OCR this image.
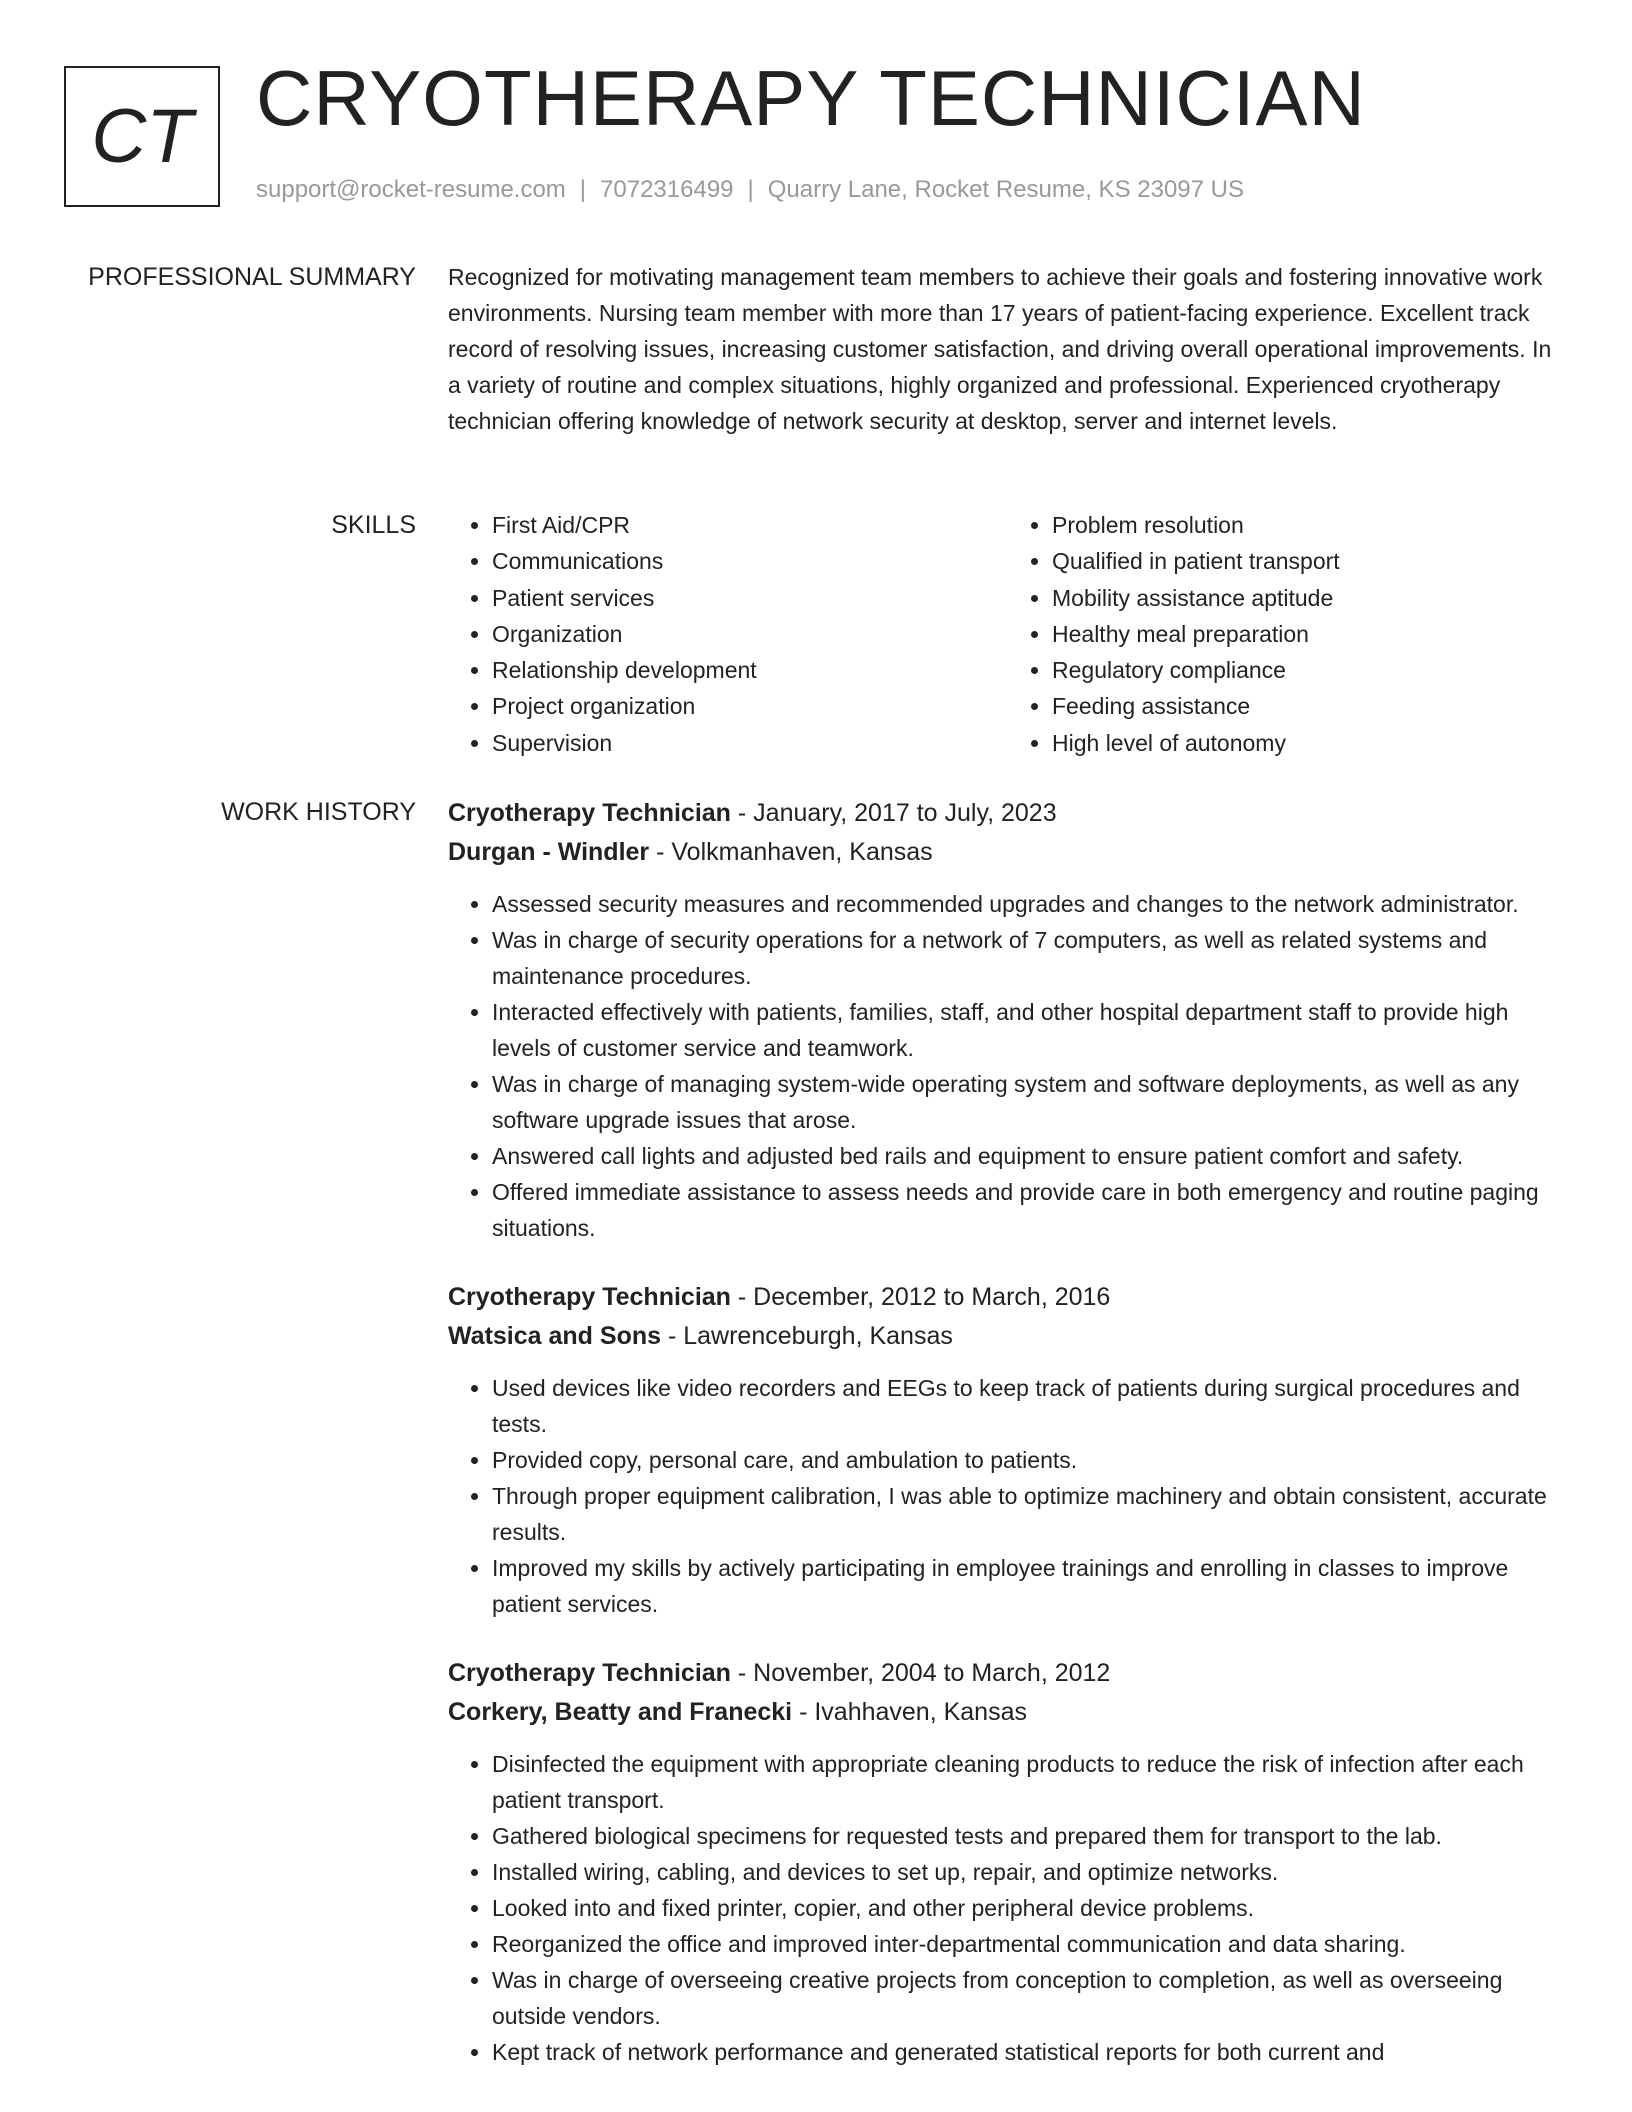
CT CRYOTHERAPY TECHNICIAN
support@rocket-resume.com | 7072316499 | Quarry Lane, Rocket Resume, KS 23097 US
PROFESSIONAL SUMMARY Recognized for motivating management team members to achieve their goals and fostering innovative work environments. Nursing team member with more than 17 years of patient-facing experience. Excellent track record of resolving issues, increasing customer satisfaction, and driving overall operational improvements. In a variety of routine and complex situations, highly organized and professional. Experienced cryotherapy technician offering knowledge of network security at desktop, server and internet levels.

SKILLS
•	First Aid/CPR
• Communications
• Patient services
• Organization
• Relationship development
• Project organization
• Supervision
• Problem resolution
• Qualified in patient transport
• Mobility assistance aptitude
• Healthy meal preparation
• Regulatory compliance
• Feeding assistance
• High level of autonomy
WORK HISTORY Cryotherapy Technician - January, 2017 to July, 2023
Durgan - Windler - Volkmanhaven, Kansas
• Assessed security measures and recommended upgrades and changes to the network administrator.
• Was in charge of security operations for a network of 7 computers, as well as related systems and maintenance procedures.
• Interacted effectively with patients, families, staff, and other hospital department staff to provide high levels of customer service and teamwork.
• Was in charge of managing system-wide operating system and software deployments, as well as any software upgrade issues that arose.
• Answered call lights and adjusted bed rails and equipment to ensure patient comfort and safety.
• Offered immediate assistance to assess needs and provide care in both emergency and routine paging situations.
Cryotherapy Technician - December, 2012 to March, 2016
Watsica and Sons - Lawrenceburgh, Kansas
• Used devices like video recorders and EEGs to keep track of patients during surgical procedures and tests.
• Provided copy, personal care, and ambulation to patients.
• Through proper equipment calibration, I was able to optimize machinery and obtain consistent, accurate results.
• Improved my skills by actively participating in employee trainings and enrolling in classes to improve patient services.
Cryotherapy Technician - November, 2004 to March, 2012
Corkery, Beatty and Franecki - Ivahhaven, Kansas
• Disinfected the equipment with appropriate cleaning products to reduce the risk of infection after each patient transport.
• Gathered biological specimens for requested tests and prepared them for transport to the lab.
• Installed wiring, cabling, and devices to set up, repair, and optimize networks.
• Looked into and fixed printer, copier, and other peripheral device problems.
• Reorganized the office and improved inter-departmental communication and data sharing.
• Was in charge of overseeing creative projects from conception to completion, as well as overseeing outside vendors.
• Kept track of network performance and generated statistical reports for both current and
